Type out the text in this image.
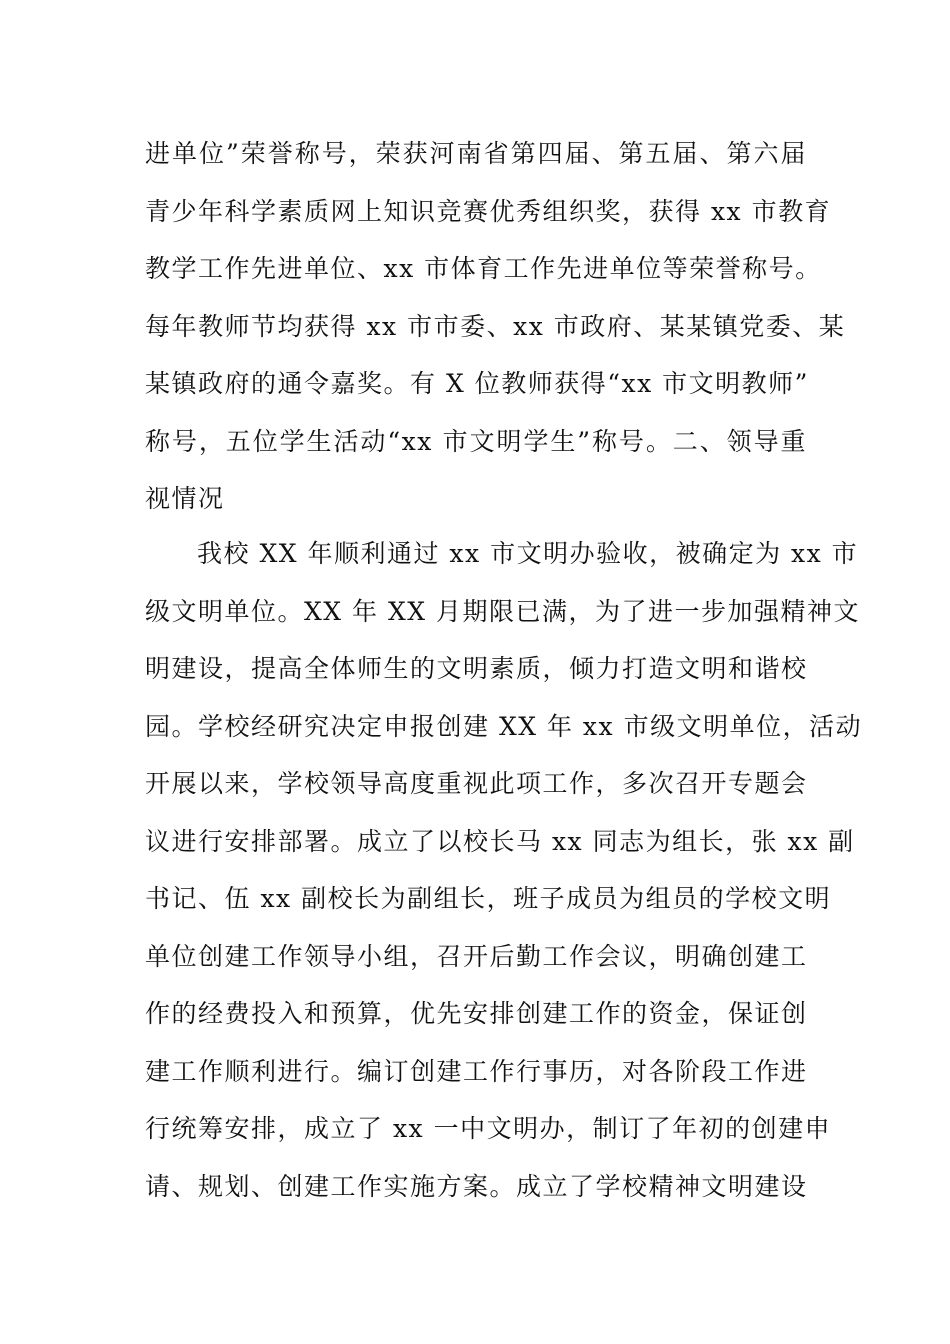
进单位”荣誉称号，荣获河南省第四届、第五届、第六届
青少年科学素质网上知识竞赛优秀组织奖，获得 xx 市教育
教学工作先进单位、xx 市体育工作先进单位等荣誉称号。
每年教师节均获得 xx 市市委、xx 市政府、某某镇党委、某
某镇政府的通令嘉奖。有 X 位教师获得“xx 市文明教师”
称号，五位学生活动“xx 市文明学生”称号。二、领导重
视情况
我校 XX 年顺利通过 xx 市文明办验收，被确定为 xx 市
级文明单位。XX 年 XX 月期限已满，为了进一步加强精神文
明建设，提高全体师生的文明素质，倾力打造文明和谐校
园。学校经研究决定申报创建 XX 年 xx 市级文明单位，活动
开展以来，学校领导高度重视此项工作，多次召开专题会
议进行安排部署。成立了以校长马 xx 同志为组长，张 xx 副
书记、伍 xx 副校长为副组长，班子成员为组员的学校文明
单位创建工作领导小组，召开后勤工作会议，明确创建工
作的经费投入和预算，优先安排创建工作的资金，保证创
建工作顺利进行。编订创建工作行事历，对各阶段工作进
行统筹安排，成立了 xx 一中文明办，制订了年初的创建申
请、规划、创建工作实施方案。成立了学校精神文明建设
